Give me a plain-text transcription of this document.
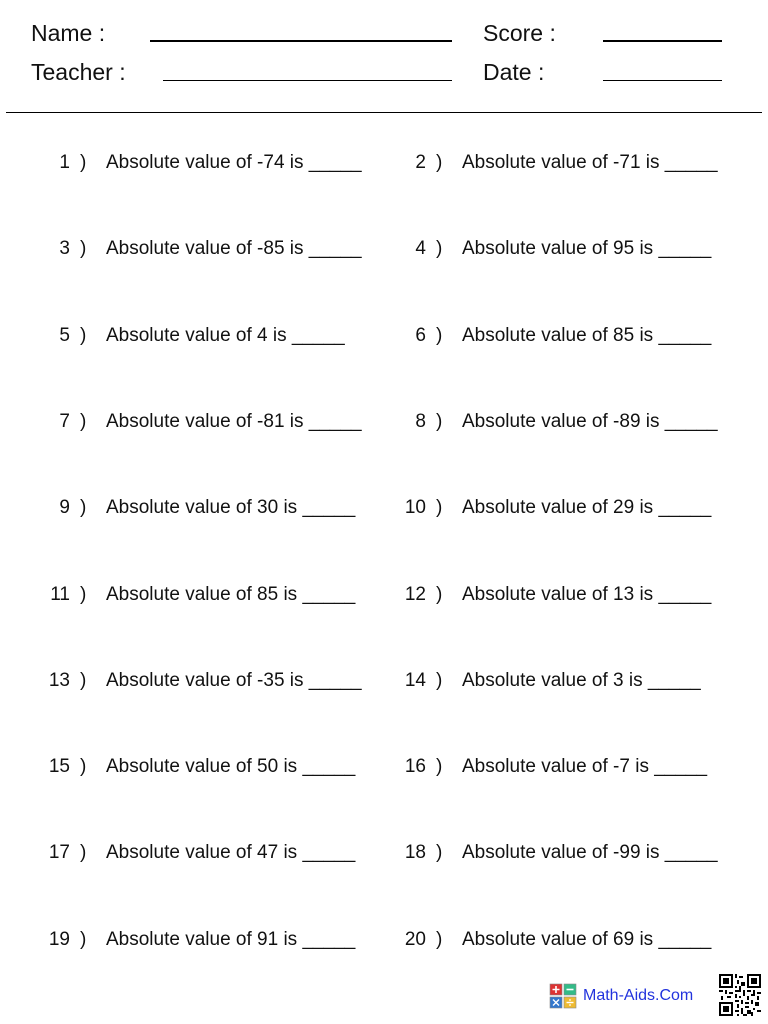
Name :
Teacher :
Score :
Date :
1 ) Absolute value of -74 is _____	2 ) Absolute value of -71 is _____
3 ) Absolute value of -85 is _____	4 ) Absolute value of 95 is _____
5 ) Absolute value of 4 is _____	6 ) Absolute value of 85 is _____
7 ) Absolute value of -81 is _____	8 ) Absolute value of -89 is _____
9 ) Absolute value of 30 is _____	10 ) Absolute value of 29 is _____
11 ) Absolute value of 85 is _____	12 ) Absolute value of 13 is _____
13 ) Absolute value of -35 is _____	14 ) Absolute value of 3 is _____
15 ) Absolute value of 50 is _____	16 ) Absolute value of -7 is _____
17 ) Absolute value of 47 is _____	18 ) Absolute value of -99 is _____
19 ) Absolute value of 91 is _____	20 ) Absolute value of 69 is _____
Math-Aids.Com
